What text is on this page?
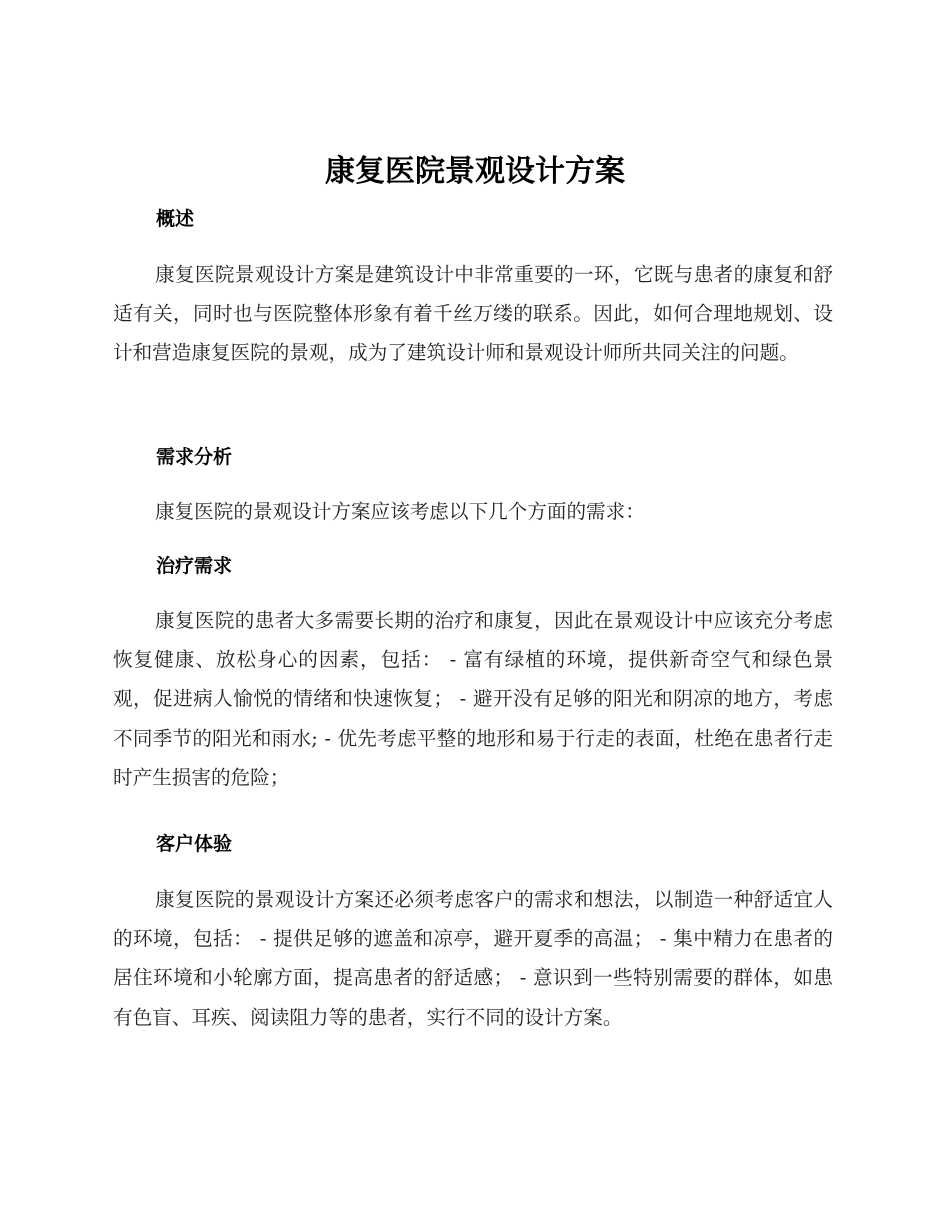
康复医院景观设计方案
概述

康复医院景观设计方案是建筑设计中非常重要的一环，它既与患者的康复和舒适有关，同时也与医院整体形象有着千丝万缕的联系。因此，如何合理地规划、设计和营造康复医院的景观，成为了建筑设计师和景观设计师所共同关注的问题。

需求分析

康复医院的景观设计方案应该考虑以下几个方面的需求：

治疗需求

康复医院的患者大多需要长期的治疗和康复，因此在景观设计中应该充分考虑恢复健康、放松身心的因素，包括： - 富有绿植的环境，提供新奇空气和绿色景观，促进病人愉悦的情绪和快速恢复； - 避开没有足够的阳光和阴凉的地方，考虑不同季节的阳光和雨水; - 优先考虑平整的地形和易于行走的表面，杜绝在患者行走时产生损害的危险；

客户体验

康复医院的景观设计方案还必须考虑客户的需求和想法，以制造一种舒适宜人的环境，包括： - 提供足够的遮盖和凉亭，避开夏季的高温； - 集中精力在患者的居住环境和小轮廓方面，提高患者的舒适感； - 意识到一些特别需要的群体，如患有色盲、耳疾、阅读阻力等的患者，实行不同的设计方案。
